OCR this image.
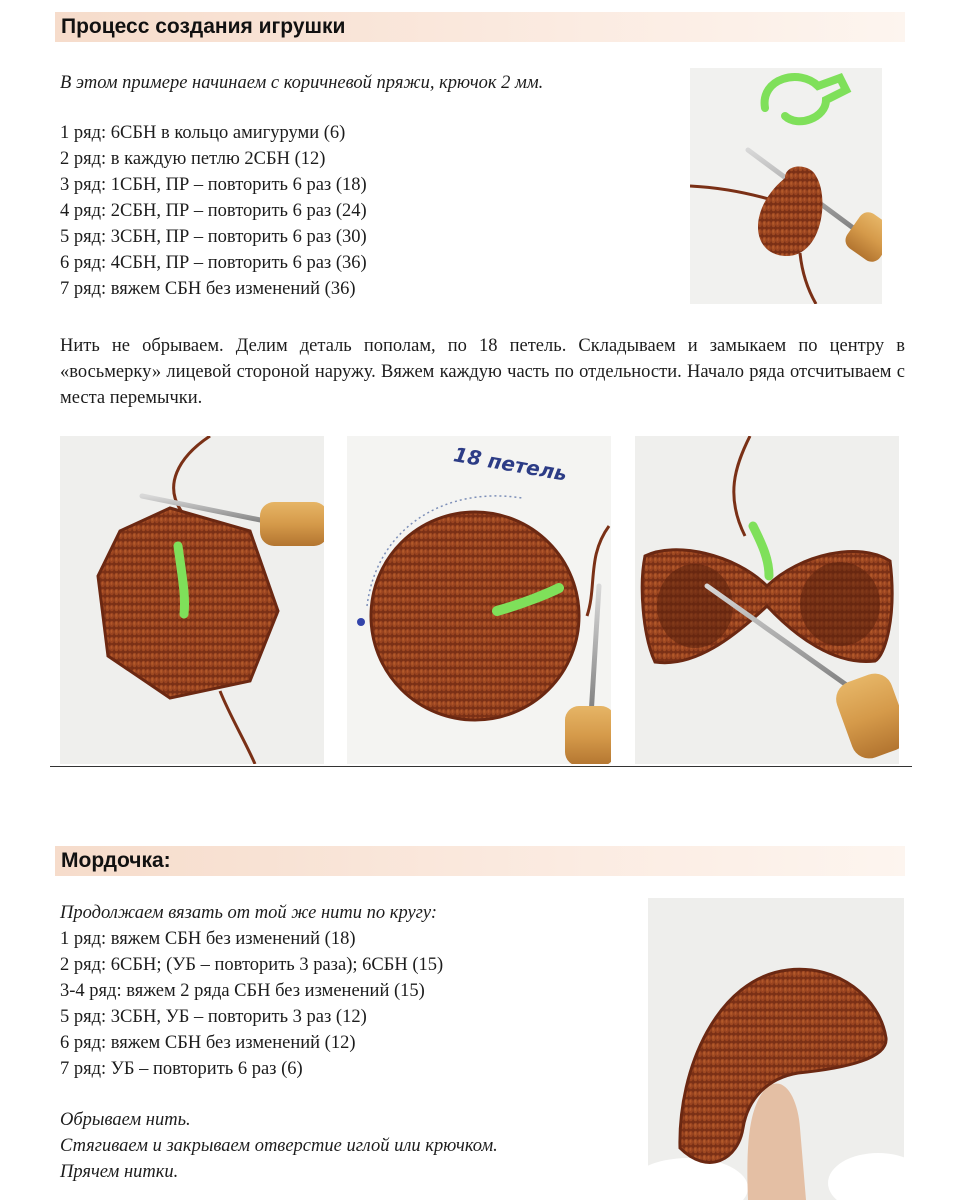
Процесс создания игрушки

В этом примере начинаем с коричневой пряжи, крючок 2 мм.

1 ряд: 6СБН в кольцо амигуруми (6)
2 ряд: в каждую петлю 2СБН (12)
3 ряд: 1СБН, ПР – повторить 6 раз (18)
4 ряд: 2СБН, ПР – повторить 6 раз (24)
5 ряд: 3СБН, ПР – повторить 6 раз (30)
6 ряд: 4СБН, ПР – повторить 6 раз (36)
7 ряд: вяжем СБН без изменений (36)

Нить не обрываем. Делим деталь пополам, по 18 петель. Складываем и замыкаем по центру в «восьмерку» лицевой стороной наружу. Вяжем каждую часть по отдельности. Начало ряда отсчитываем с места перемычки.

18 петель
Мордочка:

Продолжаем вязать от той же нити по кругу:

1 ряд: вяжем СБН без изменений (18)
2 ряд: 6СБН; (УБ – повторить 3 раза); 6СБН (15)
3-4 ряд: вяжем 2 ряда СБН без изменений (15)
5 ряд: 3СБН, УБ – повторить 3 раз (12)
6 ряд: вяжем СБН без изменений (12)
7 ряд: УБ – повторить 6 раз (6)
Обрываем нить.
Стягиваем и закрываем отверстие иглой или крючком.
Прячем нитки.
